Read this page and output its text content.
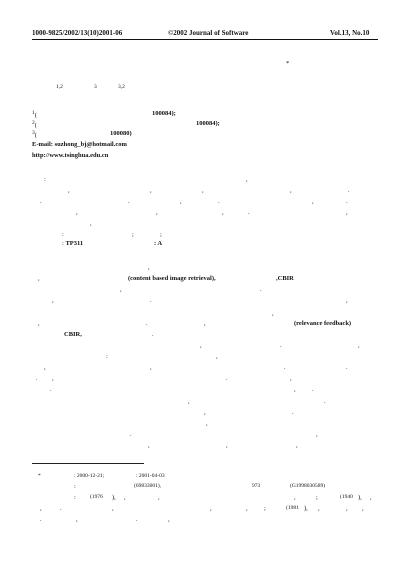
1000-9825/2002/13(10)2001-06	©2002 Journal of Software	Vol.13, No.10
*
1,2	3	3,2
$^1$(	100084);
$^2$(	100084);
$^3$(	100080)
E-mail: suzhong_bj@hotmail.com
http://www.tsinghua.edu.cn
:	,
,	,	,	,	.
.	.	,	.	,	.
,	,	,	.	,
,
:	;	;
: TP311	: A
,
,	(content based image retrieval),	,CBIR
,	.
,	.	,
,
,	.	,	(relevance feedback)
CBIR,	.
,	.	,
:	,
,	,	.	.
. ,	.	,
.	,	.
,	.
,	.
,
.	,
,	,	,
*	: 2000-12-21;	: 2001-04-03
:	(69833001),	973	(G1998030589)
:	(1976 ), ,	,	,	;	(1940 ), ,
,	.	,	,	,	;	(1981 ), ,	, ,
.	,	.	,
